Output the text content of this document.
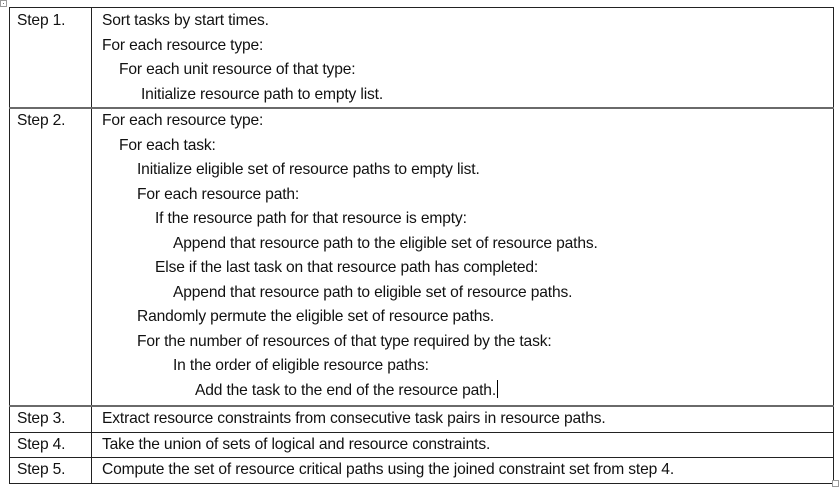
Step 1.	Sort tasks by start times.
For each resource type:
For each unit resource of that type:
Initialize resource path to empty list.

Step 2.	For each resource type:
For each task:
Initialize eligible set of resource paths to empty list.
For each resource path:
If the resource path for that resource is empty:
Append that resource path to the eligible set of resource paths.
Else if the last task on that resource path has completed:
Append that resource path to eligible set of resource paths.
Randomly permute the eligible set of resource paths.
For the number of resources of that type required by the task:
In the order of eligible resource paths:
Add the task to the end of the resource path.

Step 3.	Extract resource constraints from consecutive task pairs in resource paths.

Step 4.	Take the union of sets of logical and resource constraints.

Step 5.	Compute the set of resource critical paths using the joined constraint set from step 4.
